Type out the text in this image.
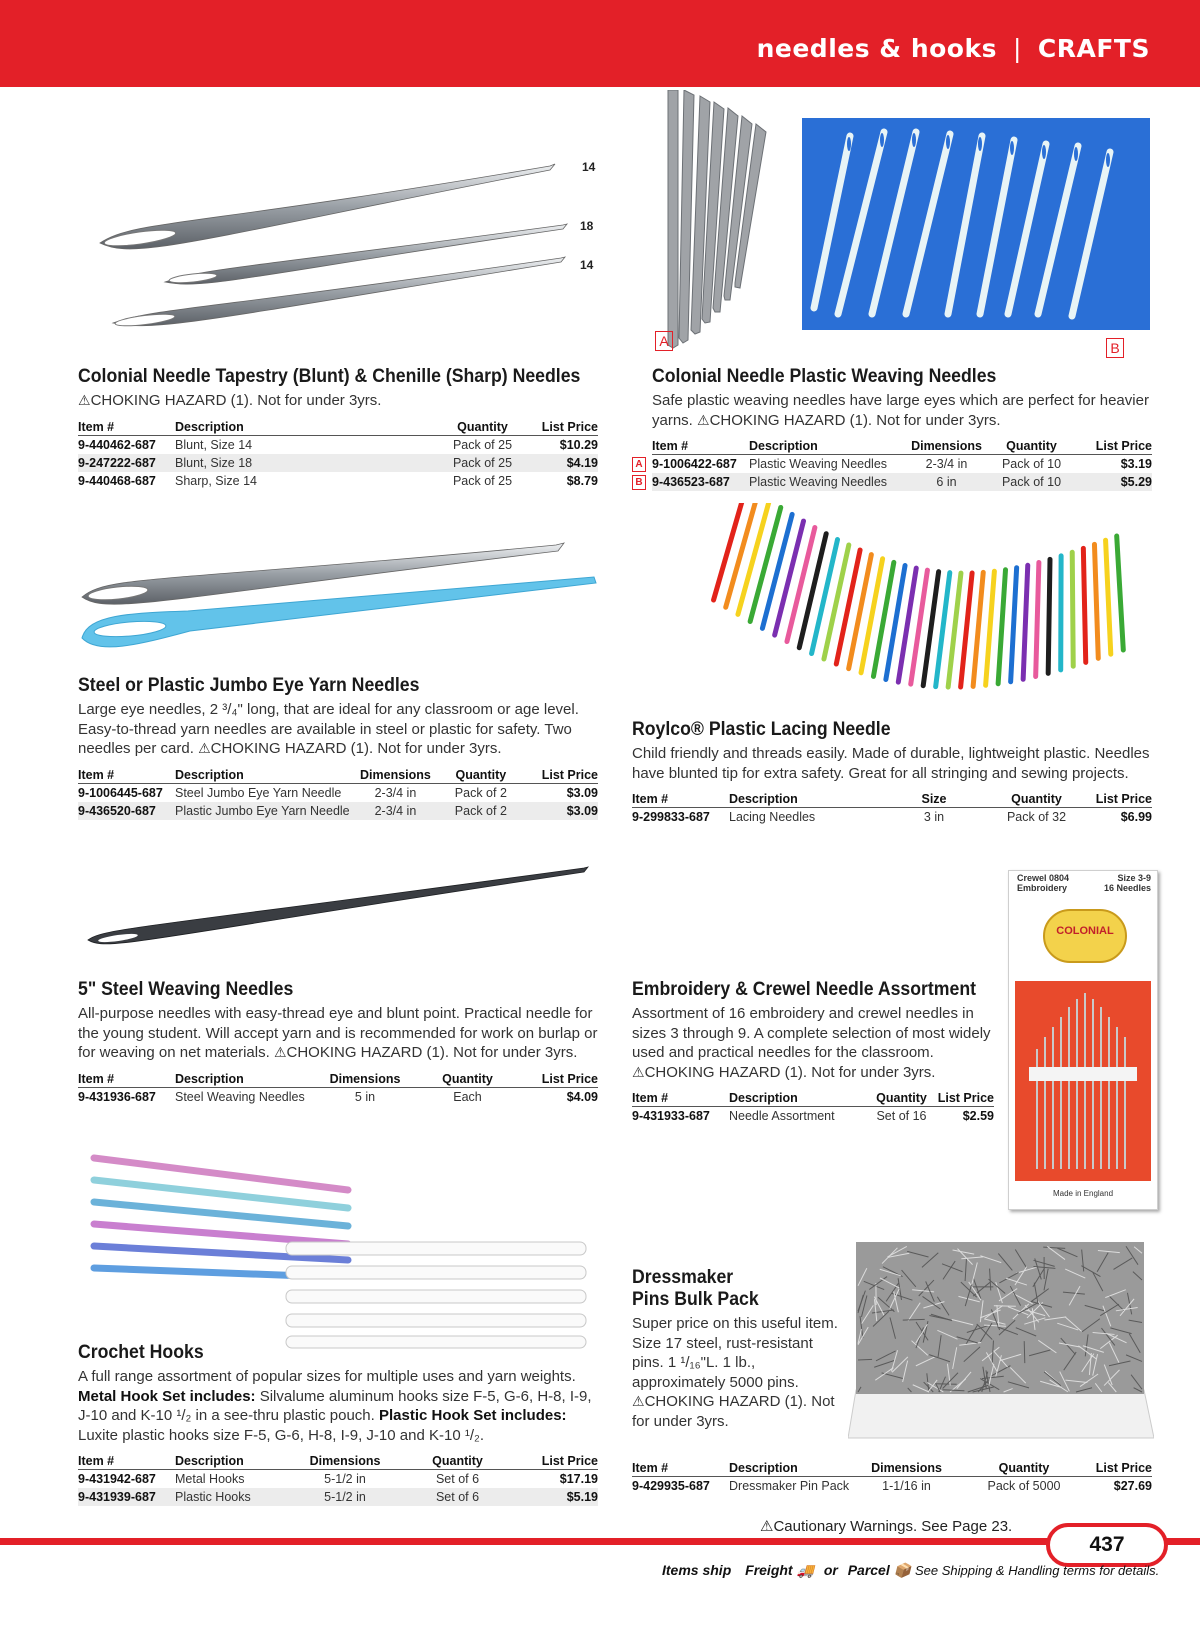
needles & hooks | CRAFTS
14
18
14
Colonial Needle Tapestry (Blunt) & Chenille (Sharp) Needles
⚠CHOKING HAZARD (1). Not for under 3yrs.
Item #	Description	Quantity	List Price
9-440462-687	Blunt, Size 14	Pack of 25	$10.29
9-247222-687	Blunt, Size 18	Pack of 25	$4.19
9-440468-687	Sharp, Size 14	Pack of 25	$8.79
A	B
Colonial Needle Plastic Weaving Needles
Safe plastic weaving needles have large eyes which are perfect for heavier yarns. ⚠CHOKING HAZARD (1). Not for under 3yrs.
Item #	Description	Dimensions	Quantity	List Price

A 9-1006422-687	Plastic Weaving Needles	2-3/4 in	Pack of 10	$3.19

B 9-436523-687	Plastic Weaving Needles	6 in	Pack of 10	$5.29
Steel or Plastic Jumbo Eye Yarn Needles
Large eye needles, 2 ³/₄" long, that are ideal for any classroom or age level. Easy-to-thread yarn needles are available in steel or plastic for safety. Two needles per card. ⚠CHOKING HAZARD (1). Not for under 3yrs.
Item #	Description	Dimensions	Quantity	List Price
9-1006445-687	Steel Jumbo Eye Yarn Needle	2-3/4 in	Pack of 2	$3.09
9-436520-687	Plastic Jumbo Eye Yarn Needle	2-3/4 in	Pack of 2	$3.09
Roylco® Plastic Lacing Needle
Child friendly and threads easily. Made of durable, lightweight plastic. Needles have blunted tip for extra safety. Great for all stringing and sewing projects.
Item #	Description	Size	Quantity	List Price
9-299833-687	Lacing Needles	3 in	Pack of 32	$6.99
5" Steel Weaving Needles
All-purpose needles with easy-thread eye and blunt point. Practical needle for the young student. Will accept yarn and is recommended for work on burlap or for weaving on net materials. ⚠CHOKING HAZARD (1). Not for under 3yrs.
Item #	Description	Dimensions	Quantity	List Price
9-431936-687	Steel Weaving Needles	5 in	Each	$4.09
Crewel 0804
Embroidery
Size 3-9
16 Needles
COLONIAL
Made in England
Embroidery & Crewel Needle Assortment
Assortment of 16 embroidery and crewel needles in sizes 3 through 9. A complete selection of most widely used and practical needles for the classroom. ⚠CHOKING HAZARD (1). Not for under 3yrs.
Item #	Description	Quantity	List Price
9-431933-687	Needle Assortment	Set of 16	$2.59
Crochet Hooks
A full range assortment of popular sizes for multiple uses and yarn weights. Metal Hook Set includes: Silvalume aluminum hooks size F-5, G-6, H-8, I-9, J-10 and K-10 ¹/₂ in a see-thru plastic pouch. Plastic Hook Set includes: Luxite plastic hooks size F-5, G-6, H-8, I-9, J-10 and K-10 ¹/₂.
Item #	Description	Dimensions	Quantity	List Price
9-431942-687	Metal Hooks	5-1/2 in	Set of 6	$17.19
9-431939-687	Plastic Hooks	5-1/2 in	Set of 6	$5.19
Dressmaker
Pins Bulk Pack
Super price on this useful item. Size 17 steel, rust-resistant pins. 1 ¹/₁₆"L. 1 lb., approximately 5000 pins. ⚠CHOKING HAZARD (1). Not for under 3yrs.
Item #	Description	Dimensions	Quantity	List Price
9-429935-687	Dressmaker Pin Pack	1-1/16 in	Pack of 5000	$27.69
⚠Cautionary Warnings. See Page 23.
437
Items ship Freight 🚚 or Parcel 📦 See Shipping & Handling terms for details.
